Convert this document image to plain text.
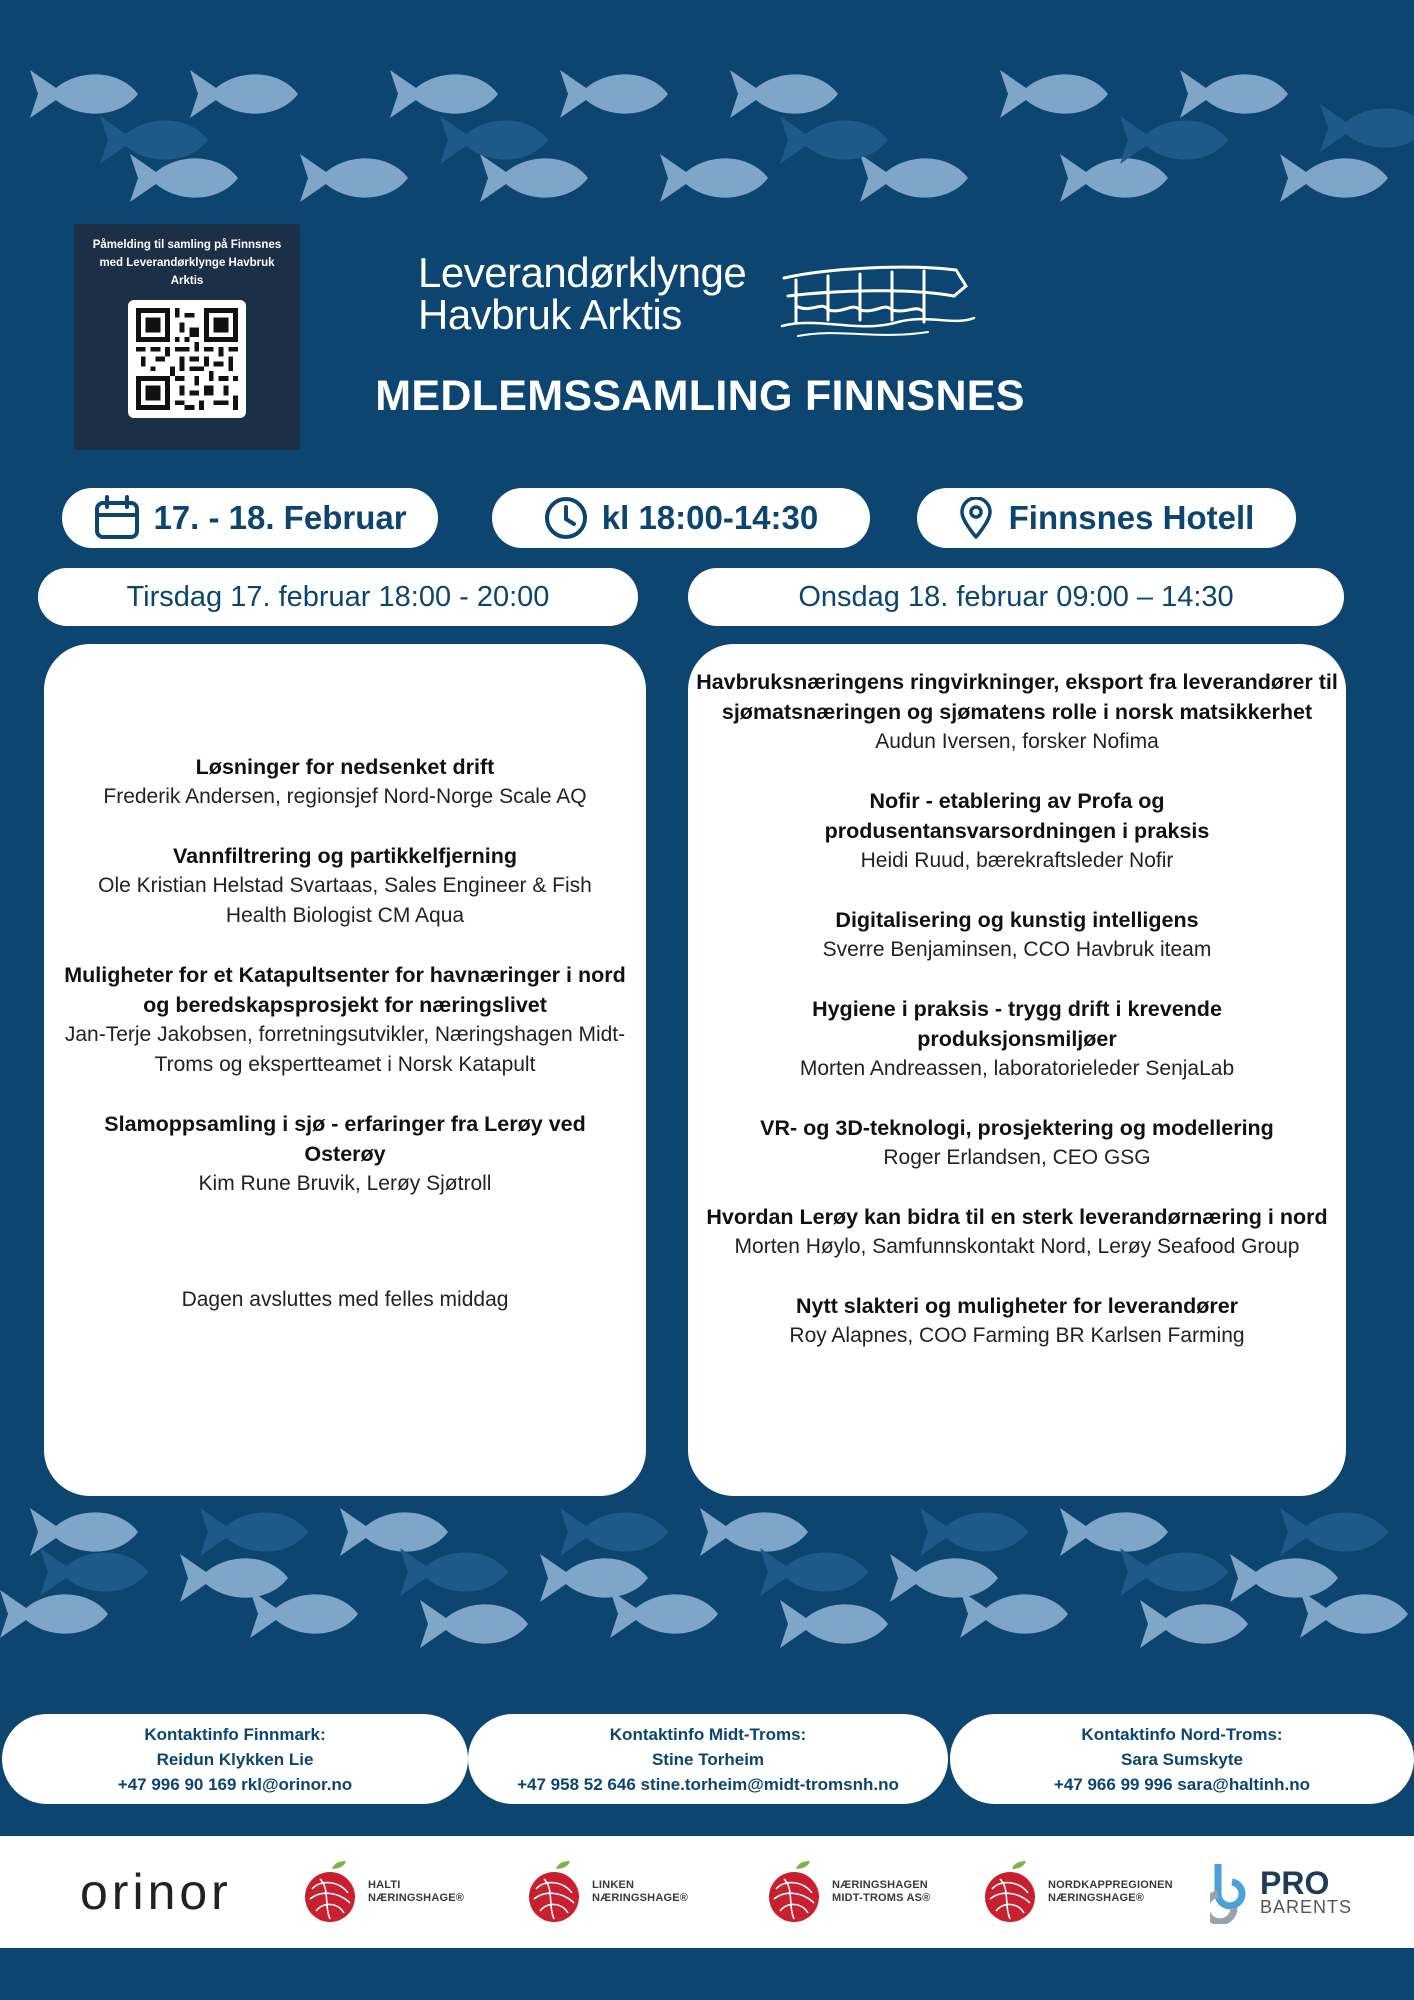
Påmelding til samling på Finnsnes med Leverandørklynge Havbruk Arktis	Leverandørklynge
Havbruk Arktis
MEDLEMSSAMLING FINNSNES
17. - 18. Februar	kl 18:00-14:30	Finnsnes Hotell
Tirsdag 17. februar 18:00 - 20:00	Onsdag 18. februar 09:00 – 14:30
Løsninger for nedsenket drift
Frederik Andersen, regionsjef Nord-Norge Scale AQ
Vannfiltrering og partikkelfjerning
Ole Kristian Helstad Svartaas, Sales Engineer & Fish Health Biologist CM Aqua
Muligheter for et Katapultsenter for havnæringer i nord og beredskapsprosjekt for næringslivet
Jan-Terje Jakobsen, forretningsutvikler, Næringshagen Midt-Troms og ekspertteamet i Norsk Katapult
Slamoppsamling i sjø - erfaringer fra Lerøy ved Osterøy
Kim Rune Bruvik, Lerøy Sjøtroll
Dagen avsluttes med felles middag
Havbruksnæringens ringvirkninger, eksport fra leverandører til sjømatsnæringen og sjømatens rolle i norsk matsikkerhet
Audun Iversen, forsker Nofima
Nofir - etablering av Profa og produsentansvarsordningen i praksis
Heidi Ruud, bærekraftsleder Nofir
Digitalisering og kunstig intelligens
Sverre Benjaminsen, CCO Havbruk iteam
Hygiene i praksis - trygg drift i krevende produksjonsmiljøer
Morten Andreassen, laboratorieleder SenjaLab
VR- og 3D-teknologi, prosjektering og modellering
Roger Erlandsen, CEO GSG
Hvordan Lerøy kan bidra til en sterk leverandørnæring i nord
Morten Høylo, Samfunnskontakt Nord, Lerøy Seafood Group
Nytt slakteri og muligheter for leverandører
Roy Alapnes, COO Farming BR Karlsen Farming
Kontaktinfo Finnmark:
Reidun Klykken Lie
+47 996 90 169 rkl@orinor.no
Kontaktinfo Midt-Troms:
Stine Torheim
+47 958 52 646 stine.torheim@midt-tromsnh.no
Kontaktinfo Nord-Troms:
Sara Sumskyte
+47 966 99 996 sara@haltinh.no
orinor	HALTI
NÆRINGSHAGE®
LINKEN
NÆRINGSHAGE®
NÆRINGSHAGEN
MIDT-TROMS AS®
NORDKAPPREGIONEN
NÆRINGSHAGE®	PRO
BARENTS
